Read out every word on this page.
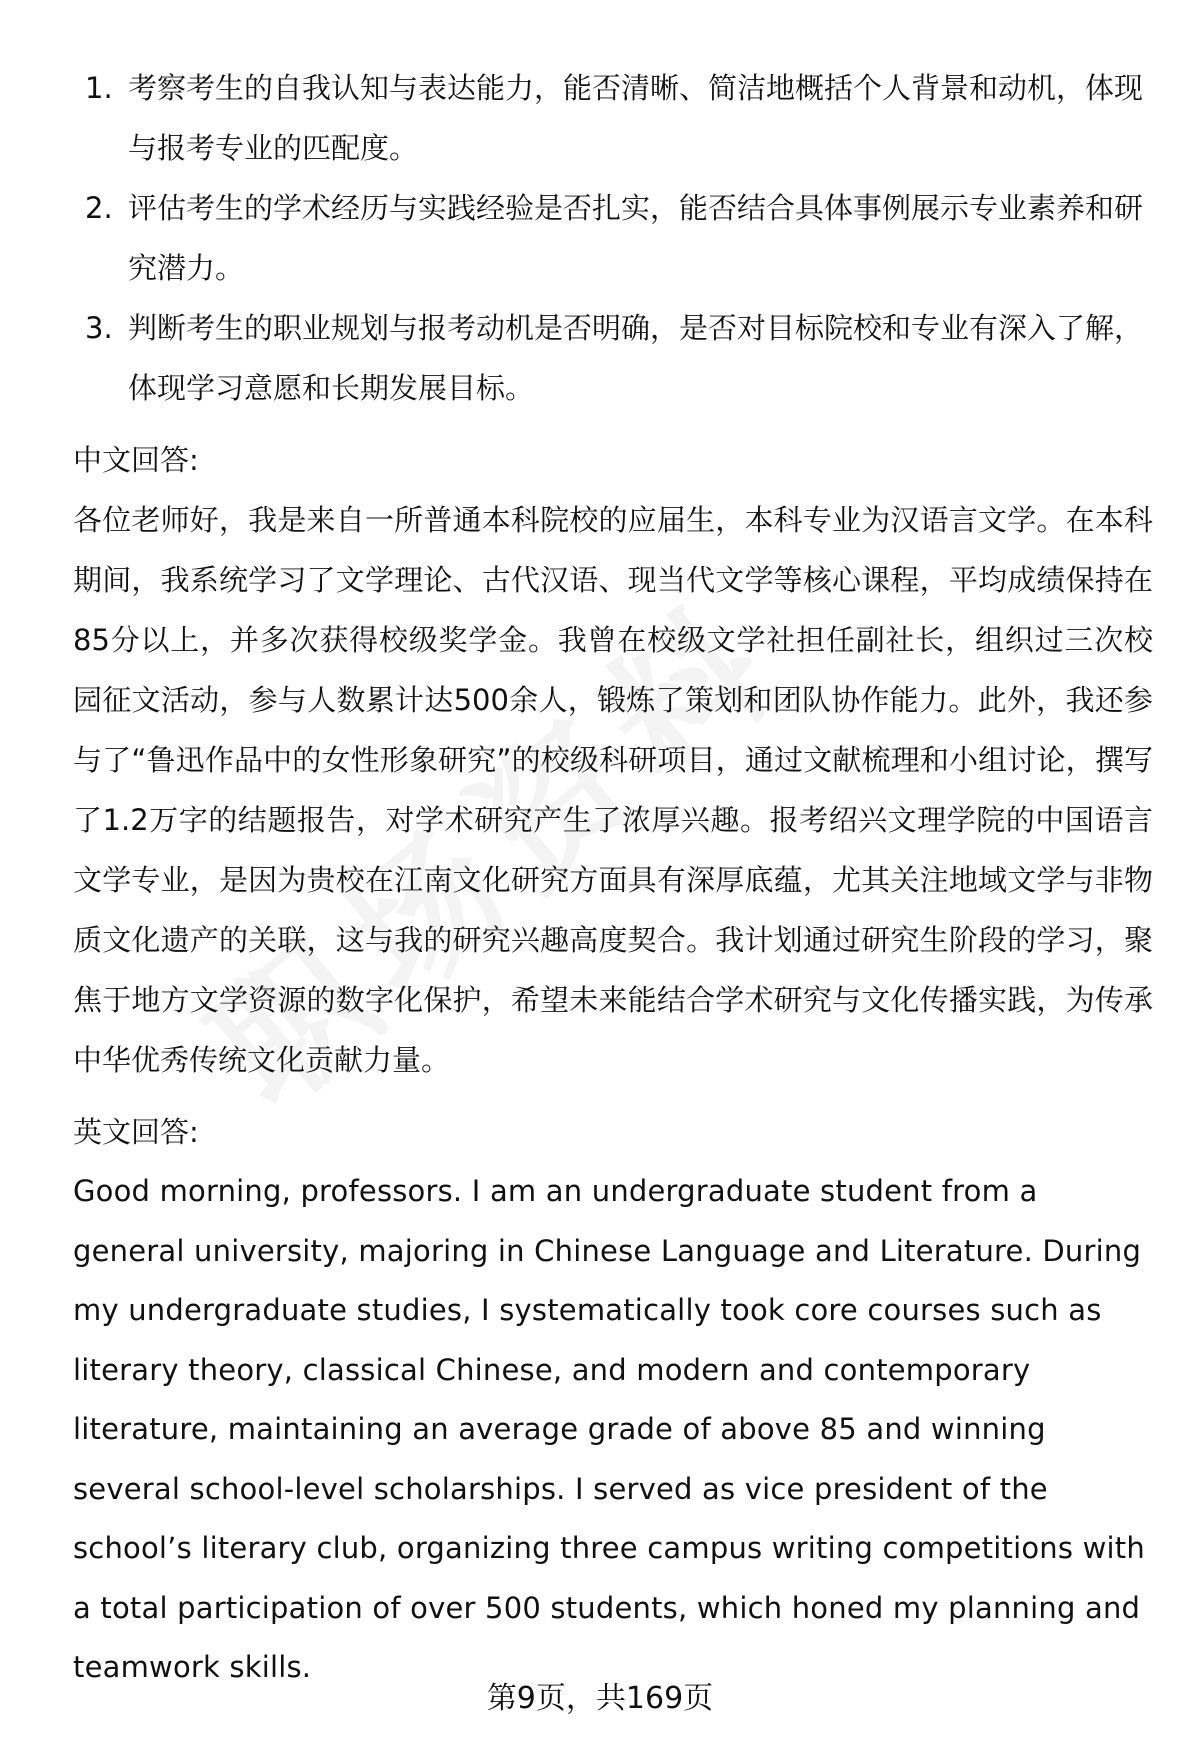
1. 考察考生的自我认知与表达能力，能否清晰、简洁地概括个人背景和动机，体现与报考专业的匹配度。
2. 评估考生的学术经历与实践经验是否扎实，能否结合具体事例展示专业素养和研究潜力。
3. 判断考生的职业规划与报考动机是否明确，是否对目标院校和专业有深入了解，体现学习意愿和长期发展目标。
中文回答:

各位老师好，我是来自一所普通本科院校的应届生，本科专业为汉语言文学。在本科期间，我系统学习了文学理论、古代汉语、现当代文学等核心课程，平均成绩保持在85分以上，并多次获得校级奖学金。我曾在校级文学社担任副社长，组织过三次校园征文活动，参与人数累计达500余人，锻炼了策划和团队协作能力。此外，我还参与了“鲁迅作品中的女性形象研究”的校级科研项目，通过文献梳理和小组讨论，撰写了1.2万字的结题报告，对学术研究产生了浓厚兴趣。报考绍兴文理学院的中国语言文学专业，是因为贵校在江南文化研究方面具有深厚底蕴，尤其关注地域文学与非物质文化遗产的关联，这与我的研究兴趣高度契合。我计划通过研究生阶段的学习，聚焦于地方文学资源的数字化保护，希望未来能结合学术研究与文化传播实践，为传承中华优秀传统文化贡献力量。

英文回答:

Good morning, professors. I am an undergraduate student from a general university, majoring in Chinese Language and Literature. During my undergraduate studies, I systematically took core courses such as literary theory, classical Chinese, and modern and contemporary literature, maintaining an average grade of above 85 and winning several school-level scholarships. I served as vice president of the school’s literary club, organizing three campus writing competitions with a total participation of over 500 students, which honed my planning and teamwork skills.

第9页，共169页
